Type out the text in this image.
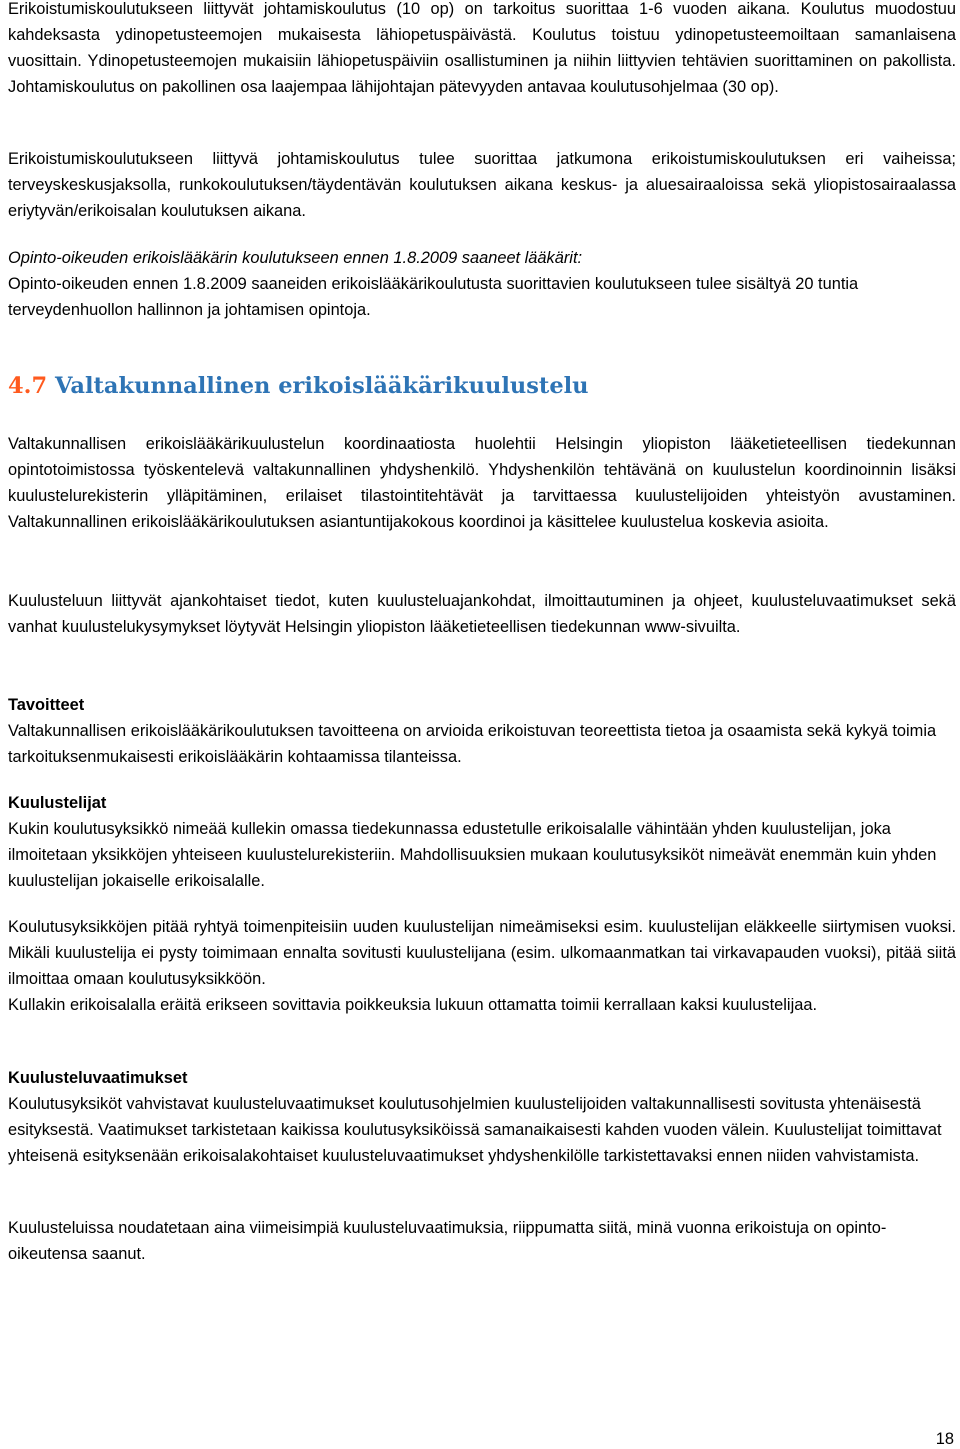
Erikoistumiskoulutukseen liittyvät johtamiskoulutus (10 op) on tarkoitus suorittaa 1-6 vuoden aikana. Koulutus muodostuu kahdeksasta ydinopetusteemojen mukaisesta lähiopetuspäivästä. Koulutus toistuu ydinopetusteemoiltaan samanlaisena vuosittain. Ydinopetusteemojen mukaisiin lähiopetuspäiviin osallistuminen ja niihin liittyvien tehtävien suorittaminen on pakollista. Johtamiskoulutus on pakollinen osa laajempaa lähijohtajan pätevyyden antavaa koulutusohjelmaa (30 op).

Erikoistumiskoulutukseen liittyvä johtamiskoulutus tulee suorittaa jatkumona erikoistumiskoulutuksen eri vaiheissa; terveyskeskusjaksolla, runkokoulutuksen/täydentävän koulutuksen aikana keskus- ja aluesairaaloissa sekä yliopistosairaalassa eriytyvän/erikoisalan koulutuksen aikana.

Opinto-oikeuden erikoislääkärin koulutukseen ennen 1.8.2009 saaneet lääkärit:

Opinto-oikeuden ennen 1.8.2009 saaneiden erikoislääkärikoulutusta suorittavien koulutukseen tulee sisältyä 20 tuntia terveydenhuollon hallinnon ja johtamisen opintoja.

4.7 Valtakunnallinen erikoislääkärikuulustelu

Valtakunnallisen erikoislääkärikuulustelun koordinaatiosta huolehtii Helsingin yliopiston lääketieteellisen tiedekunnan opintotoimistossa työskentelevä valtakunnallinen yhdyshenkilö. Yhdyshenkilön tehtävänä on kuulustelun koordinoinnin lisäksi kuulustelurekisterin ylläpitäminen, erilaiset tilastointitehtävät ja tarvittaessa kuulustelijoiden yhteistyön avustaminen. Valtakunnallinen erikoislääkärikoulutuksen asiantuntijakokous koordinoi ja käsittelee kuulustelua koskevia asioita.

Kuulusteluun liittyvät ajankohtaiset tiedot, kuten kuulusteluajankohdat, ilmoittautuminen ja ohjeet, kuulusteluvaatimukset sekä vanhat kuulustelukysymykset löytyvät Helsingin yliopiston lääketieteellisen tiedekunnan www-sivuilta.

Tavoitteet

Valtakunnallisen erikoislääkärikoulutuksen tavoitteena on arvioida erikoistuvan teoreettista tietoa ja osaamista sekä kykyä toimia tarkoituksenmukaisesti erikoislääkärin kohtaamissa tilanteissa.

Kuulustelijat

Kukin koulutusyksikkö nimeää kullekin omassa tiedekunnassa edustetulle erikoisalalle vähintään yhden kuulustelijan, joka ilmoitetaan yksikköjen yhteiseen kuulustelurekisteriin. Mahdollisuuksien mukaan koulutusyksiköt nimeävät enemmän kuin yhden kuulustelijan jokaiselle erikoisalalle.

Koulutusyksikköjen pitää ryhtyä toimenpiteisiin uuden kuulustelijan nimeämiseksi esim. kuulustelijan eläkkeelle siirtymisen vuoksi. Mikäli kuulustelija ei pysty toimimaan ennalta sovitusti kuulustelijana (esim. ulkomaanmatkan tai virkavapauden vuoksi), pitää siitä ilmoittaa omaan koulutusyksikköön.

Kullakin erikoisalalla eräitä erikseen sovittavia poikkeuksia lukuun ottamatta toimii kerrallaan kaksi kuulustelijaa.

Kuulusteluvaatimukset

Koulutusyksiköt vahvistavat kuulusteluvaatimukset koulutusohjelmien kuulustelijoiden valtakunnallisesti sovitusta yhtenäisestä esityksestä. Vaatimukset tarkistetaan kaikissa koulutusyksiköissä samanaikaisesti kahden vuoden välein. Kuulustelijat toimittavat yhteisenä esityksenään erikoisalakohtaiset kuulusteluvaatimukset yhdyshenkilölle tarkistettavaksi ennen niiden vahvistamista.

Kuulusteluissa noudatetaan aina viimeisimpiä kuulusteluvaatimuksia, riippumatta siitä, minä vuonna erikoistuja on opinto-oikeutensa saanut.

18
